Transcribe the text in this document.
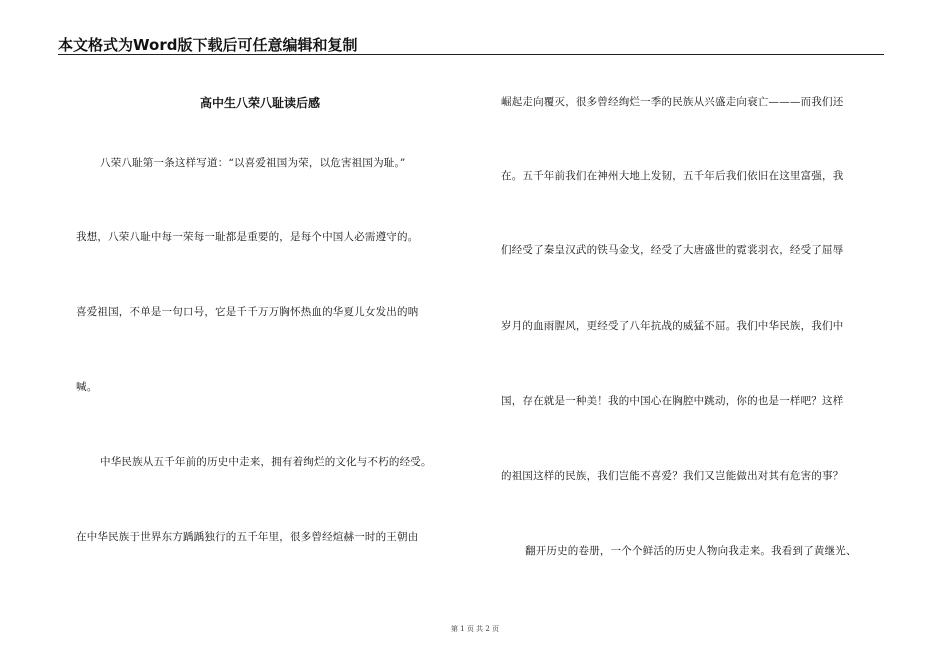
本文格式为Word版下载后可任意编辑和复制
高中生八荣八耻读后感
八荣八耻第一条这样写道：“以喜爱祖国为荣，以危害祖国为耻。”
我想，八荣八耻中每一荣每一耻都是重要的，是每个中国人必需遵守的。
喜爱祖国，不单是一句口号，它是千千万万胸怀热血的华夏儿女发出的呐
喊。
中华民族从五千年前的历史中走来，拥有着绚烂的文化与不朽的经受。
在中华民族于世界东方踽踽独行的五千年里，很多曾经煊赫一时的王朝由
崛起走向覆灭，很多曾经绚烂一季的民族从兴盛走向衰亡———而我们还
在。五千年前我们在神州大地上发韧，五千年后我们依旧在这里富强，我
们经受了秦皇汉武的铁马金戈，经受了大唐盛世的霓裳羽衣，经受了屈辱
岁月的血雨腥风，更经受了八年抗战的威猛不屈。我们中华民族，我们中
国，存在就是一种美！我的中国心在胸腔中跳动，你的也是一样吧？这样
的祖国这样的民族，我们岂能不喜爱？我们又岂能做出对其有危害的事？
翻开历史的卷册，一个个鲜活的历史人物向我走来。我看到了黄继光、
第 1 页 共 2 页
